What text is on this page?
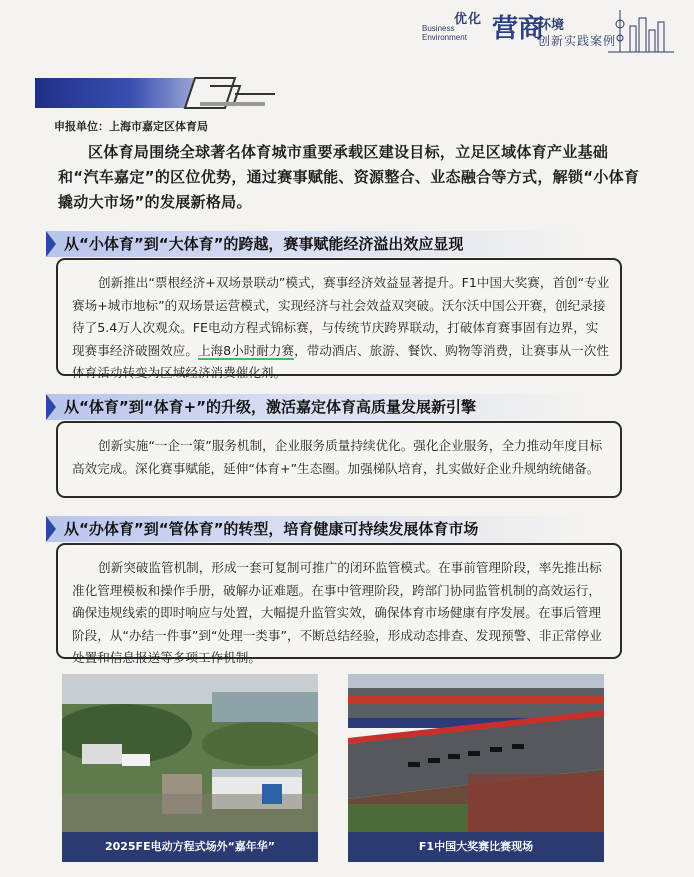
优化
Business
Environment 营商
环境
创新实践案例
申报单位：上海市嘉定区体育局
区体育局围绕全球著名体育城市重要承载区建设目标，立足区域体育产业基础和“汽车嘉定”的区位优势，通过赛事赋能、资源整合、业态融合等方式，解锁“小体育撬动大市场”的发展新格局。
从“小体育”到“大体育”的跨越，赛事赋能经济溢出效应显现
创新推出“票根经济+双场景联动”模式，赛事经济效益显著提升。F1中国大奖赛，首创“专业赛场+城市地标”的双场景运营模式，实现经济与社会效益双突破。沃尔沃中国公开赛，创纪录接待了5.4万人次观众。FE电动方程式锦标赛，与传统节庆跨界联动，打破体育赛事固有边界，实现赛事经济破圈效应。上海8小时耐力赛，带动酒店、旅游、餐饮、购物等消费，让赛事从一次性体育活动转变为区域经济消费催化剂。
从“体育”到“体育+”的升级，激活嘉定体育高质量发展新引擎
创新实施“一企一策”服务机制，企业服务质量持续优化。强化企业服务，全力推动年度目标高效完成。深化赛事赋能，延伸“体育+”生态圈。加强梯队培育，扎实做好企业升规纳统储备。
从“办体育”到“管体育”的转型，培育健康可持续发展体育市场
创新突破监管机制，形成一套可复制可推广的闭环监管模式。在事前管理阶段，率先推出标准化管理模板和操作手册，破解办证难题。在事中管理阶段，跨部门协同监管机制的高效运行，确保违规线索的即时响应与处置，大幅提升监管实效，确保体育市场健康有序发展。在事后管理阶段，从“办结一件事”到“处理一类事”，不断总结经验，形成动态排查、发现预警、非正常停业处置和信息报送等多项工作机制。
2025FE电动方程式场外“嘉年华”	F1中国大奖赛比赛现场
